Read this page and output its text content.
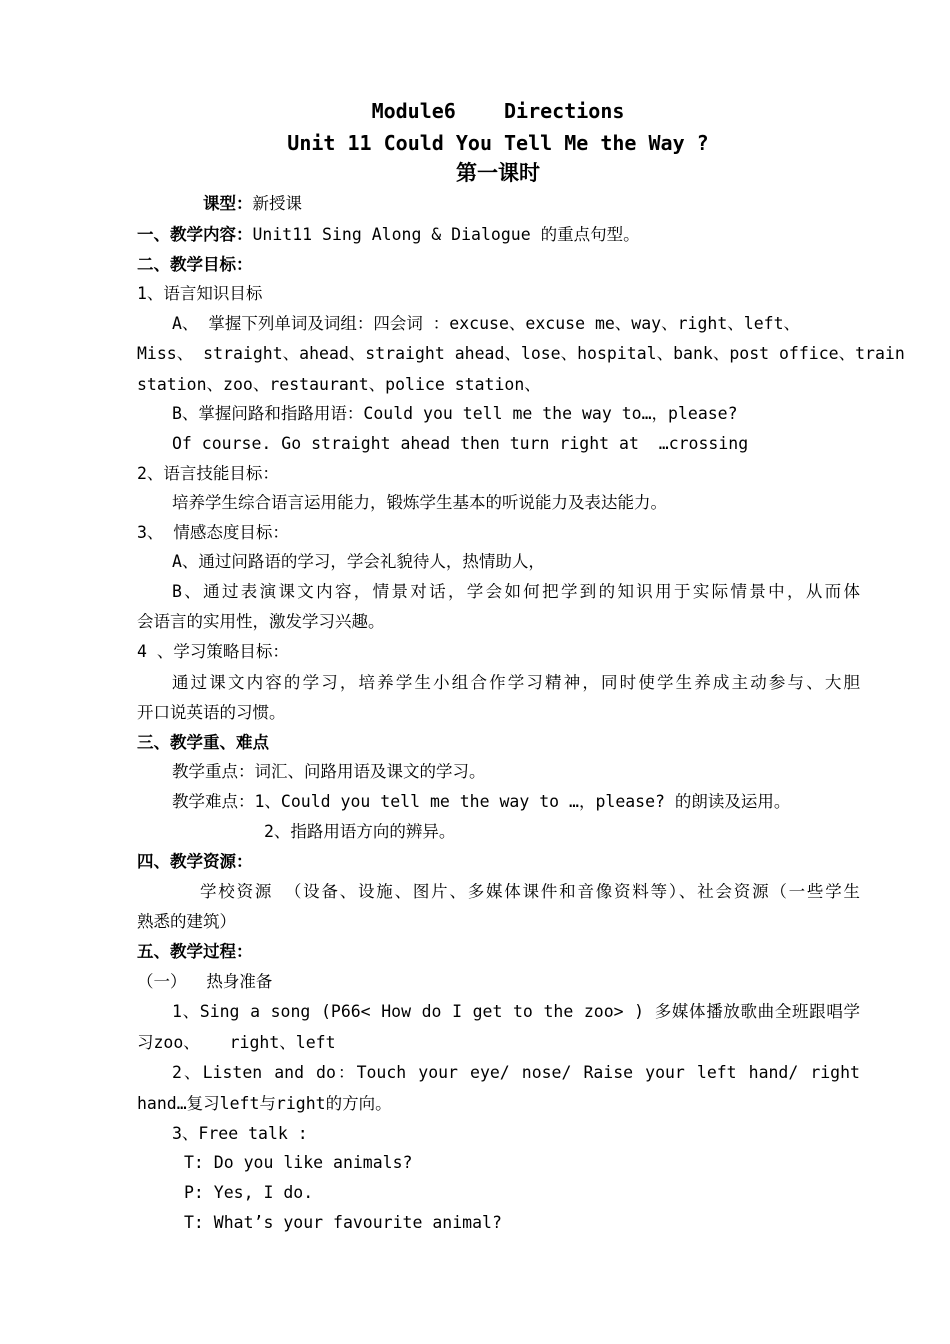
Module6    Directions
Unit 11 Could You Tell Me the Way ?
第一课时
课型：新授课
一、教学内容：Unit11 Sing Along & Dialogue 的重点句型。
二、教学目标：
1、语言知识目标
A、 掌握下列单词及词组：四会词 ：excuse、excuse me、way、right、left、
Miss、 straight、ahead、straight ahead、lose、hospital、bank、post office、train
station、zoo、restaurant、police station、
B、掌握问路和指路用语：Could you tell me the way to…，please?
Of course. Go straight ahead then turn right at  …crossing
2、语言技能目标：
培养学生综合语言运用能力，锻炼学生基本的听说能力及表达能力。
3、 情感态度目标：
A、通过问路语的学习，学会礼貌待人，热情助人，
B、通过表演课文内容，情景对话，学会如何把学到的知识用于实际情景中，从而体
会语言的实用性，激发学习兴趣。
4 、学习策略目标：
通过课文内容的学习，培养学生小组合作学习精神，同时使学生养成主动参与、大胆
开口说英语的习惯。
三、教学重、难点
教学重点：词汇、问路用语及课文的学习。
教学难点：1、Could you tell me the way to …，please? 的朗读及运用。
2、指路用语方向的辨异。
四、教学资源：
学校资源 （设备、设施、图片、多媒体课件和音像资料等）、社会资源（一些学生
熟悉的建筑）
五、教学过程：
（一）  热身准备
1、Sing a song (P66< How do I get to the zoo> ) 多媒体播放歌曲全班跟唱学
习zoo、   right、left
2、Listen and do：Touch your eye/ nose/ Raise your left hand/ right
hand…复习left与right的方向。
3、Free talk :
T: Do you like animals?
P: Yes, I do.
T: What’s your favourite animal?
